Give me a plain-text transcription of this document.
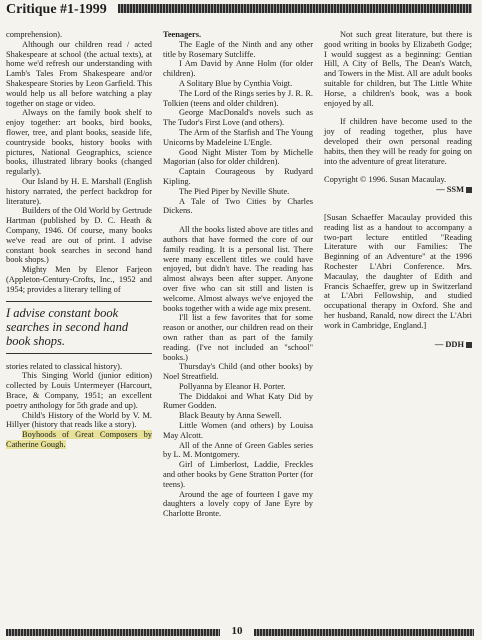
Critique #1-1999

comprehension).

Although our children read / acted Shakespeare at school (the actual texts), at home we'd refresh our understanding with Lamb's Tales From Shakespeare and/or Shakespeare Stories by Leon Garfield. This would help us all before watching a play together on stage or video.

Always on the family book shelf to enjoy together: art books, bird books, flower, tree, and plant books, seaside life, countryside books, history books with pictures, National Geographics, science books, illustrated library books (changed regularly).

Our Island by H. E. Marshall (English history narrated, the perfect backdrop for literature).

Builders of the Old World by Gertrude Hartman (published by D. C. Heath & Company, 1946. Of course, many books we've read are out of print. I advise constant book searches in second hand book shops.)

Mighty Men by Elenor Farjeon (Appleton-Century-Crofts, Inc., 1952 and 1954; provides a literary telling of

I advise constant book searches in second hand book shops.

stories related to classical history).

This Singing World (junior edition) collected by Louis Untermeyer (Harcourt, Brace, & Company, 1951; an excellent poetry anthology for 5th grade and up).

Child's History of the World by V. M. Hillyer (history that reads like a story).

Boyhoods of Great Composers by Catherine Gough.

Teenagers.

The Eagle of the Ninth and any other title by Rosemary Sutcliffe.

I Am David by Anne Holm (for older children).

A Solitary Blue by Cynthia Voigt.

The Lord of the Rings series by J. R. R. Tolkien (teens and older children).

George MacDonald's novels such as The Tudor's First Love (and others).

The Arm of the Starfish and The Young Unicorns by Madeleine L'Engle.

Good Night Mister Tom by Michelle Magorian (also for older children).

Captain Courageous by Rudyard Kipling.

The Pied Piper by Neville Shute.

A Tale of Two Cities by Charles Dickens.

All the books listed above are titles and authors that have formed the core of our family reading. It is a personal list. There were many excellent titles we could have enjoyed, but didn't have. The reading has almost always been after supper. Anyone over five who can sit still and listen is welcome. Almost always we've enjoyed the books together with a wide age mix present.

I'll list a few favorites that for some reason or another, our children read on their own rather than as part of the family reading. (I've not included an "school" books.)

Thursday's Child (and other books) by Noel Streatfield.

Pollyanna by Eleanor H. Porter.

The Diddakoi and What Katy Did by Rumer Godden.

Black Beauty by Anna Sewell.

Little Women (and others) by Louisa May Alcott.

All of the Anne of Green Gables series by L. M. Montgomery.

Girl of Limberlost, Laddie, Freckles and other books by Gene Stratton Porter (for teens).

Around the age of fourteen I gave my daughters a lovely copy of Jane Eyre by Charlotte Bronte.

Not such great literature, but there is good writing in books by Elizabeth Godge; I would suggest as a beginning: Gentian Hill, A City of Bells, The Dean's Watch, and Towers in the Mist. All are adult books suitable for children, but The Little White Horse, a children's book, was a book enjoyed by all.

If children have become used to the joy of reading together, plus have developed their own personal reading habits, then they will be ready for going on into the adventure of great literature.

Copyright © 1996. Susan Macaulay.

— SSM

[Susan Schaeffer Macaulay provided this reading list as a handout to accompany a two-part lecture entitled "Reading Literature with our Families: The Beginning of an Adventure" at the 1996 Rochester L'Abri Conference. Mrs. Macaulay, the daughter of Edith and Francis Schaeffer, grew up in Switzerland at L'Abri Fellowship, and studied occupational therapy in Oxford. She and her husband, Ranald, now direct the L'Abri work in Cambridge, England.]

— DDH

10
